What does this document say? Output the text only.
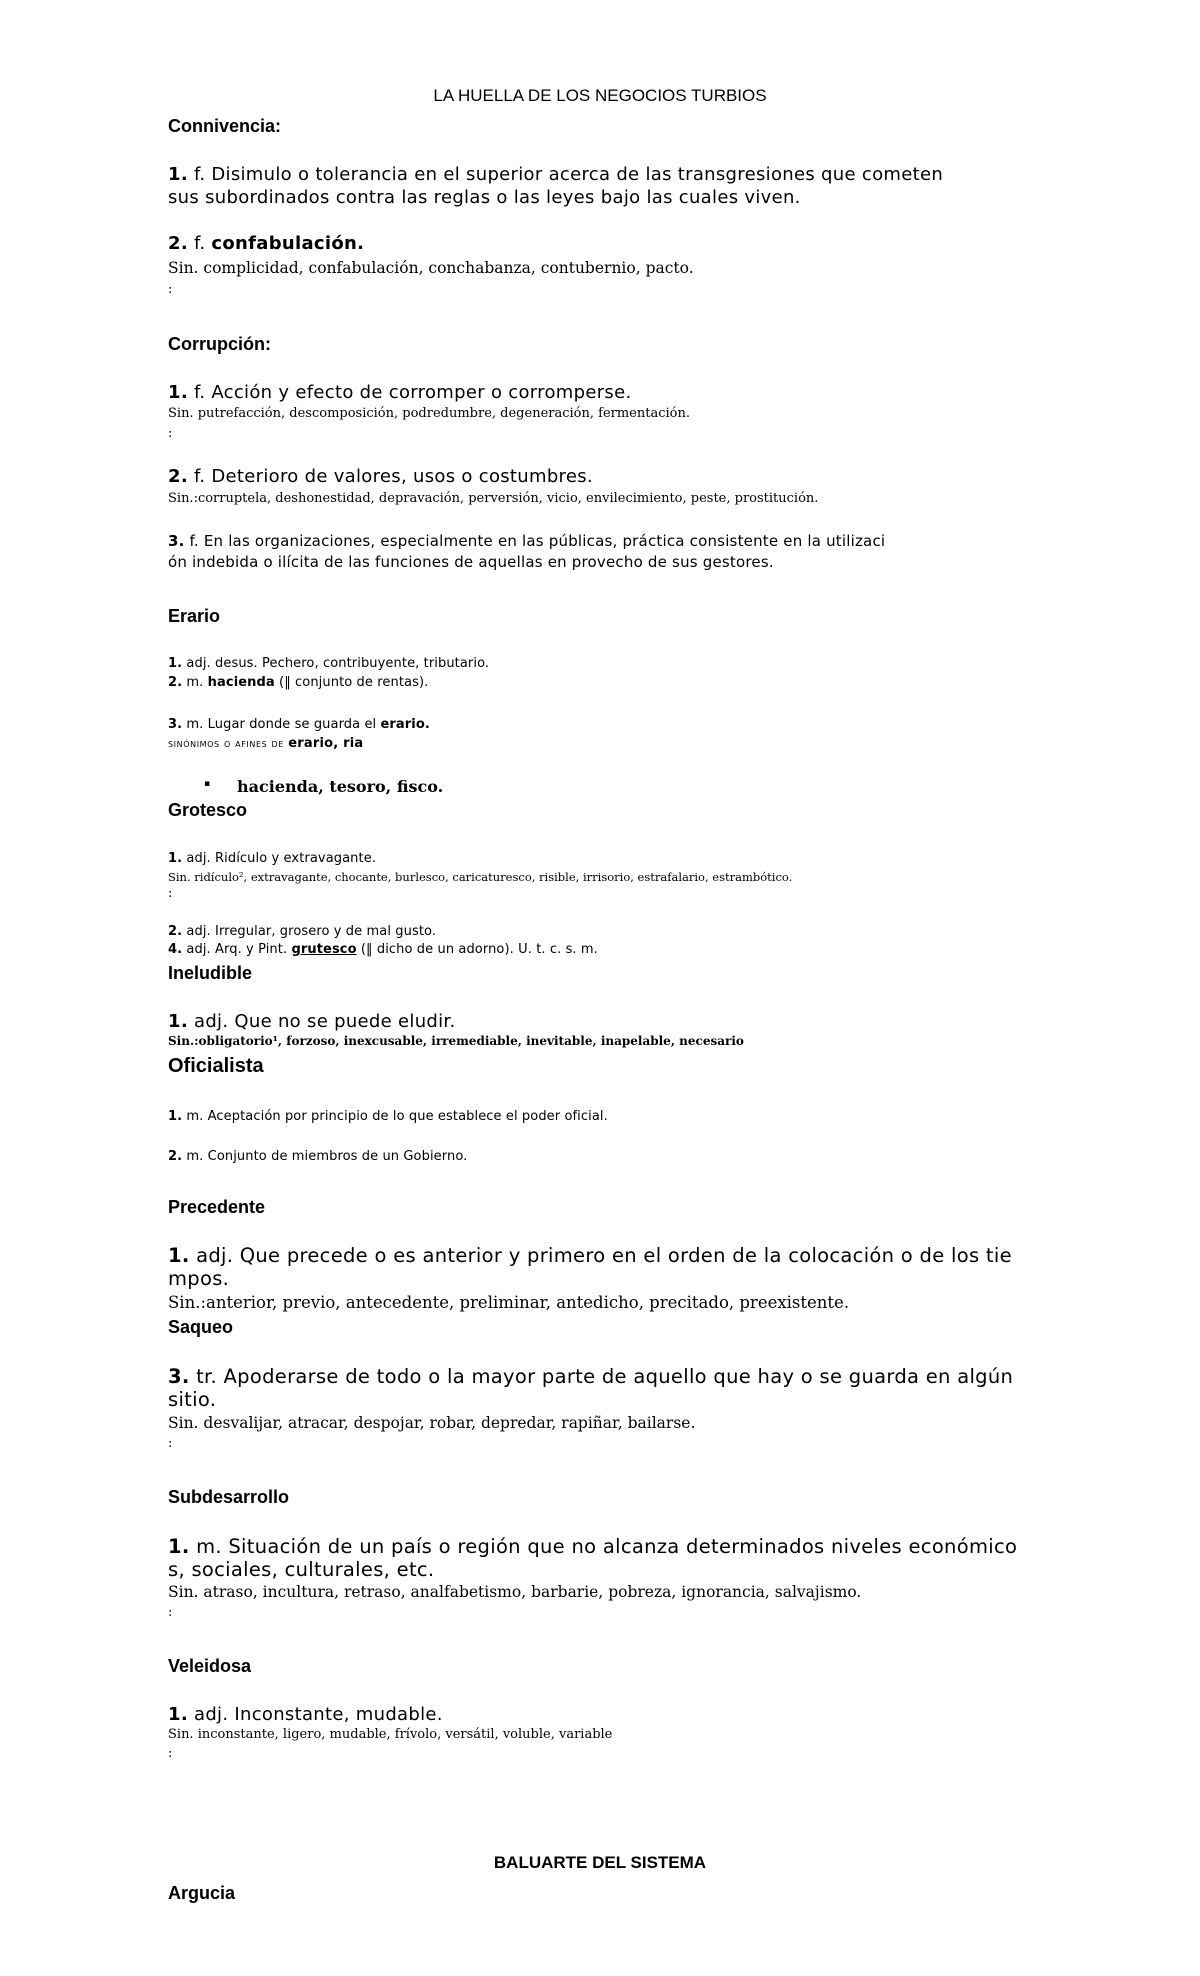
LA HUELLA DE LOS NEGOCIOS TURBIOS
Connivencia:
1. f. Disimulo o tolerancia en el superior acerca de las transgresiones que cometen
sus subordinados contra las reglas o las leyes bajo las cuales viven.
2. f. confabulación.
Sin. complicidad, confabulación, conchabanza, contubernio, pacto.
:
Corrupción:
1. f. Acción y efecto de corromper o corromperse.
Sin. putrefacción, descomposición, podredumbre, degeneración, fermentación.
:
2. f. Deterioro de valores, usos o costumbres.
Sin.:corruptela, deshonestidad, depravación, perversión, vicio, envilecimiento, peste, prostitución.
3. f. En las organizaciones, especialmente en las públicas, práctica consistente en la utilizaci
ón indebida o ilícita de las funciones de aquellas en provecho de sus gestores.
Erario
1. adj. desus. Pechero, contribuyente, tributario.
2. m. hacienda (‖ conjunto de rentas).
3. m. Lugar donde se guarda el erario.
sinónimos o afines de erario, ria
▪ hacienda, tesoro, fisco.
Grotesco
1. adj. Ridículo y extravagante.
Sin. ridículo², extravagante, chocante, burlesco, caricaturesco, risible, irrisorio, estrafalario, estrambótico.
:
2. adj. Irregular, grosero y de mal gusto.
4. adj. Arq. y Pint. grutesco (‖ dicho de un adorno). U. t. c. s. m.
Ineludible
1. adj. Que no se puede eludir.
Sin.:obligatorio¹, forzoso, inexcusable, irremediable, inevitable, inapelable, necesario
Oficialista
1. m. Aceptación por principio de lo que establece el poder oficial.
2. m. Conjunto de miembros de un Gobierno.
Precedente
1. adj. Que precede o es anterior y primero en el orden de la colocación o de los tie
mpos.
Sin.:anterior, previo, antecedente, preliminar, antedicho, precitado, preexistente.
Saqueo
3. tr. Apoderarse de todo o la mayor parte de aquello que hay o se guarda en algún
sitio.
Sin. desvalijar, atracar, despojar, robar, depredar, rapiñar, bailarse.
:
Subdesarrollo
1. m. Situación de un país o región que no alcanza determinados niveles económico
s, sociales, culturales, etc.
Sin. atraso, incultura, retraso, analfabetismo, barbarie, pobreza, ignorancia, salvajismo.
:
Veleidosa
1. adj. Inconstante, mudable.
Sin. inconstante, ligero, mudable, frívolo, versátil, voluble, variable
:
BALUARTE DEL SISTEMA
Argucia
